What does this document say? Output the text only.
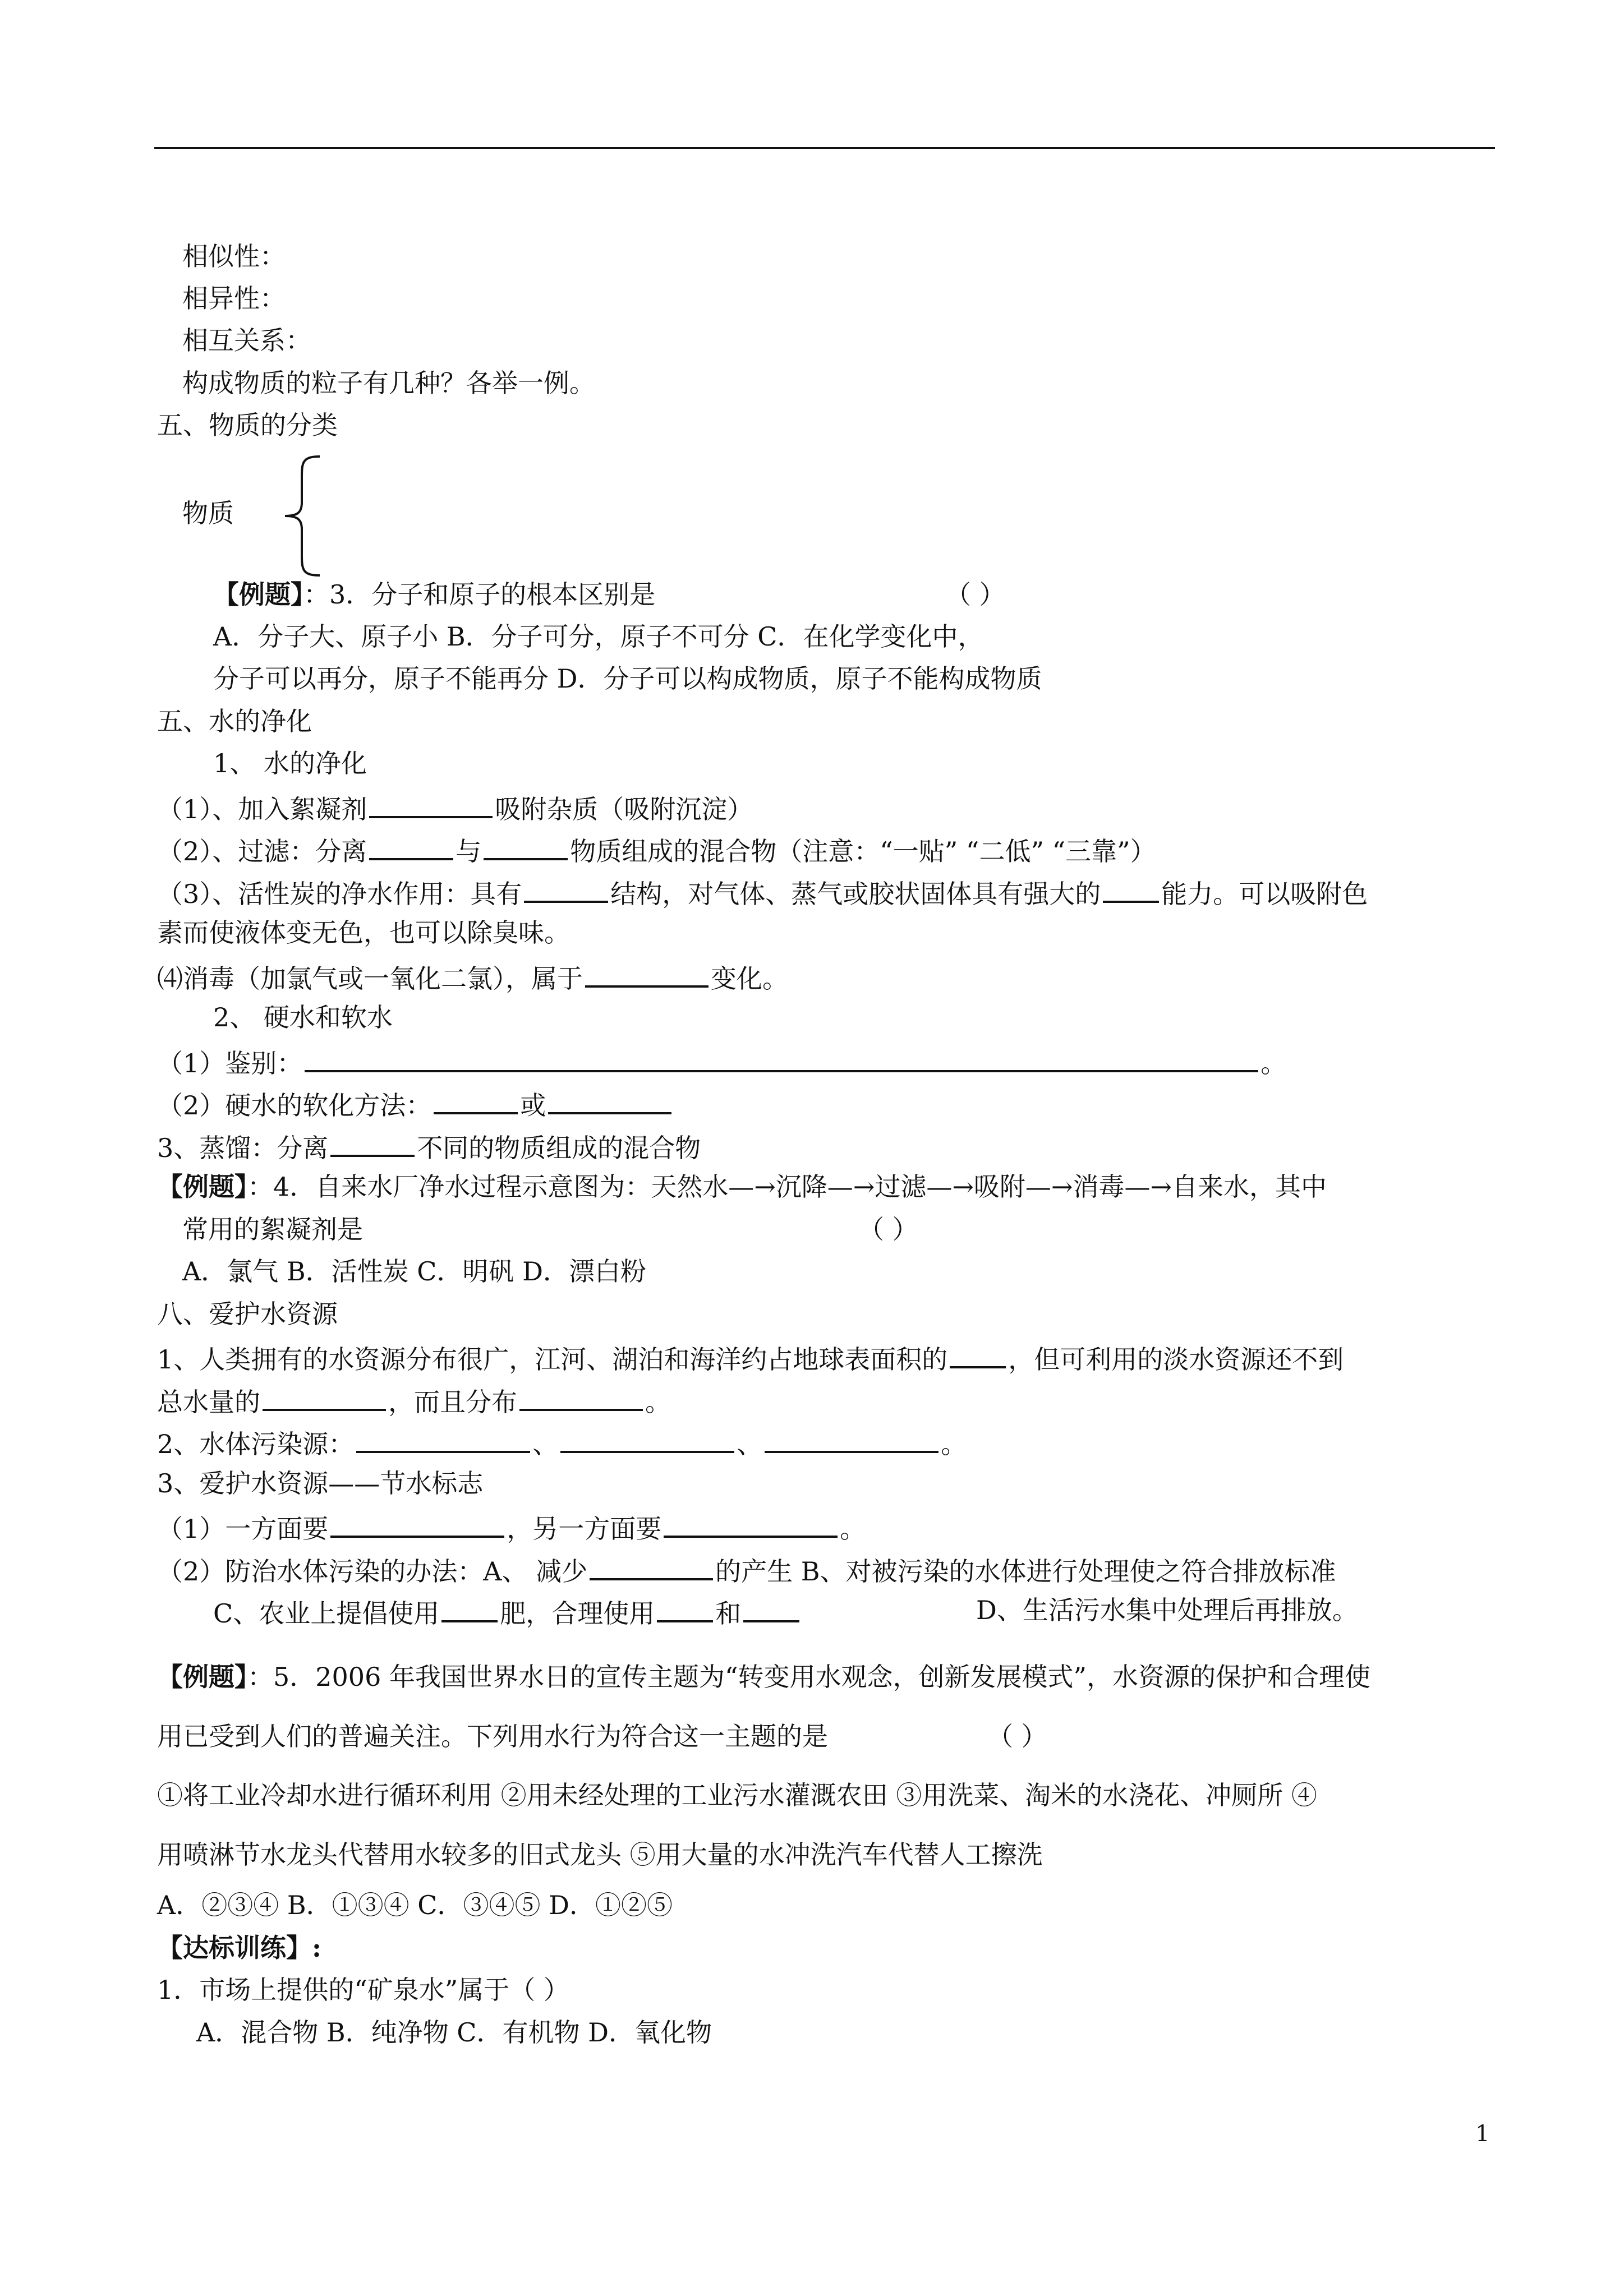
相似性：
相异性：
相互关系：
构成物质的粒子有几种？各举一例。
五、物质的分类
物质
【例题】：3．分子和原子的根本区别是	（ ）
A．分子大、原子小 B．分子可分，原子不可分 C．在化学变化中，
分子可以再分，原子不能再分 D．分子可以构成物质，原子不能构成物质
五、水的净化
1、 水的净化
（1）、加入絮凝剂	吸附杂质（吸附沉淀）
（2）、过滤：分离	与	物质组成的混合物（注意：“一贴” “二低” “三靠”）
（3）、活性炭的净水作用：具有	结构，对气体、蒸气或胶状固体具有强大的 能力。可以吸附色
素而使液体变无色，也可以除臭味。
⑷消毒（加氯气或一氧化二氯），属于	变化。
2、 硬水和软水
（1）鉴别：	。
（2）硬水的软化方法：	或
3、蒸馏：分离	不同的物质组成的混合物
【例题】：4．自来水厂净水过程示意图为：天然水—→沉降—→过滤—→吸附—→消毒—→自来水，其中
常用的絮凝剂是	（ ）
A．氯气 B．活性炭 C．明矾 D．漂白粉
八、爱护水资源
1、人类拥有的水资源分布很广，江河、湖泊和海洋约占地球表面积的 ，但可利用的淡水资源还不到
总水量的	，而且分布	。
2、水体污染源：	、	、	。
3、爱护水资源——节水标志
（1）一方面要	，另一方面要	。
（2）防治水体污染的办法：A、 减少	的产生 B、对被污染的水体进行处理使之符合排放标准
C、农业上提倡使用 肥，合理使用 和	D、生活污水集中处理后再排放。
【例题】：5．2006 年我国世界水日的宣传主题为“转变用水观念，创新发展模式”，水资源的保护和合理使
用已受到人们的普遍关注。下列用水行为符合这一主题的是	（ ）
①将工业冷却水进行循环利用 ②用未经处理的工业污水灌溉农田 ③用洗菜、淘米的水浇花、冲厕所 ④
用喷淋节水龙头代替用水较多的旧式龙头 ⑤用大量的水冲洗汽车代替人工擦洗
A．②③④ B．①③④ C．③④⑤ D．①②⑤
【达标训练】:
1．市场上提供的“矿泉水”属于（ ）
A．混合物 B．纯净物 C．有机物 D．氧化物
1
